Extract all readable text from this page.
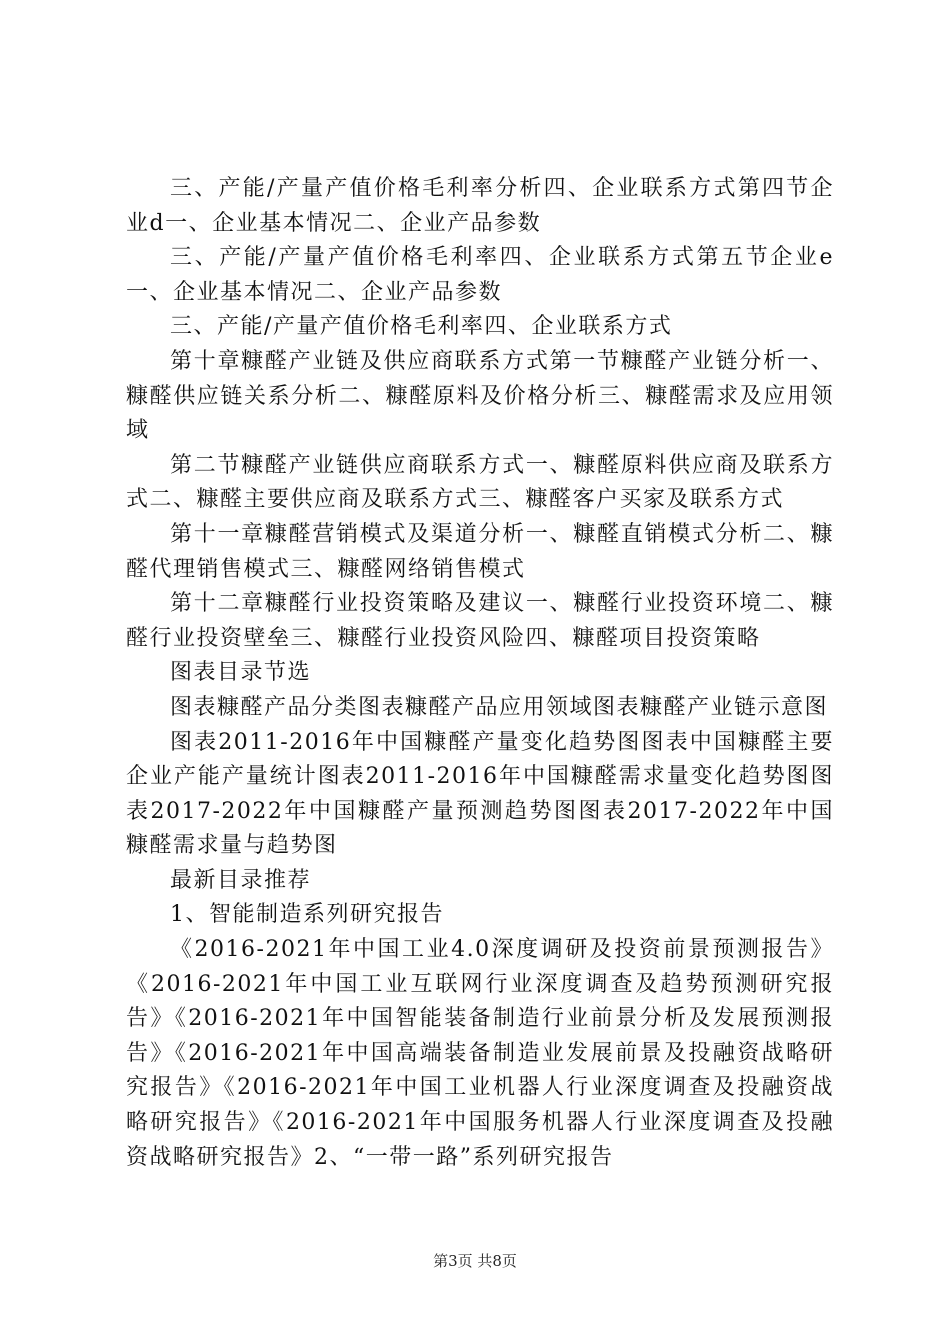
三、产能/产量产值价格毛利率分析四、企业联系方式第四节企业d一、企业基本情况二、企业产品参数

三、产能/产量产值价格毛利率四、企业联系方式第五节企业e一、企业基本情况二、企业产品参数

三、产能/产量产值价格毛利率四、企业联系方式

第十章糠醛产业链及供应商联系方式第一节糠醛产业链分析一、糠醛供应链关系分析二、糠醛原料及价格分析三、糠醛需求及应用领域

第二节糠醛产业链供应商联系方式一、糠醛原料供应商及联系方式二、糠醛主要供应商及联系方式三、糠醛客户买家及联系方式

第十一章糠醛营销模式及渠道分析一、糠醛直销模式分析二、糠醛代理销售模式三、糠醛网络销售模式

第十二章糠醛行业投资策略及建议一、糠醛行业投资环境二、糠醛行业投资壁垒三、糠醛行业投资风险四、糠醛项目投资策略

图表目录节选

图表糠醛产品分类图表糠醛产品应用领域图表糠醛产业链示意图

图表2011-2016年中国糠醛产量变化趋势图图表中国糠醛主要企业产能产量统计图表2011-2016年中国糠醛需求量变化趋势图图表2017-2022年中国糠醛产量预测趋势图图表2017-2022年中国糠醛需求量与趋势图

最新目录推荐

1、智能制造系列研究报告

《2016-2021年中国工业4.0深度调研及投资前景预测报告》《2016-2021年中国工业互联网行业深度调查及趋势预测研究报告》《2016-2021年中国智能装备制造行业前景分析及发展预测报告》《2016-2021年中国高端装备制造业发展前景及投融资战略研究报告》《2016-2021年中国工业机器人行业深度调查及投融资战略研究报告》《2016-2021年中国服务机器人行业深度调查及投融资战略研究报告》2、“一带一路”系列研究报告

第3页 共8页
